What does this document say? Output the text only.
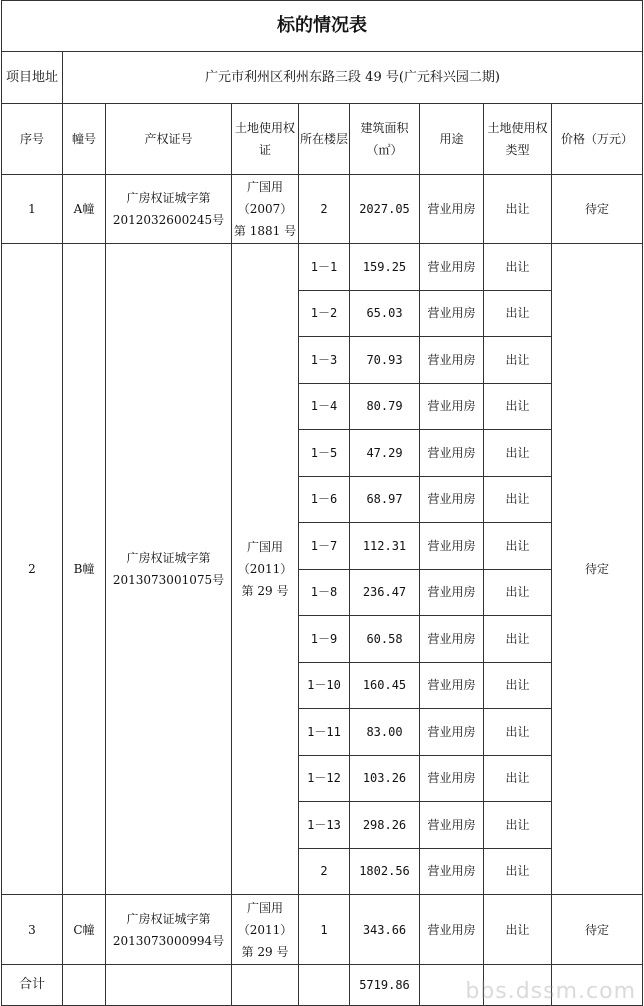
标的情况表								
项目地址	广元市利州区利州东路三段 49 号(广元科兴园二期)							
序号	幢号	产权证号	土地使用权证	所在楼层	建筑面积（㎡）	用途	土地使用权类型	价格（万元）
1	A幢	广房权证城字第2012032600245号	广国用（2007）第 1881 号	2	2027.05	营业用房	出让	待定
2	B幢	广房权证城字第2013073001075号	广国用（2011）第 29 号	1－1	159.25	营业用房	出让	待定
				1－2	65.03	营业用房	出让	
				1－3	70.93	营业用房	出让	
				1－4	80.79	营业用房	出让	
				1－5	47.29	营业用房	出让	
				1－6	68.97	营业用房	出让	
				1－7	112.31	营业用房	出让	
				1－8	236.47	营业用房	出让	
				1－9	60.58	营业用房	出让	
				1－10	160.45	营业用房	出让	
				1－11	83.00	营业用房	出让	
				1－12	103.26	营业用房	出让	
				1－13	298.26	营业用房	出让	
				2	1802.56	营业用房	出让	
3	C幢	广房权证城字第2013073000994号	广国用（2011）第 29 号	1	343.66	营业用房	出让	待定
合计					5719.86				bbs.dssm.com
